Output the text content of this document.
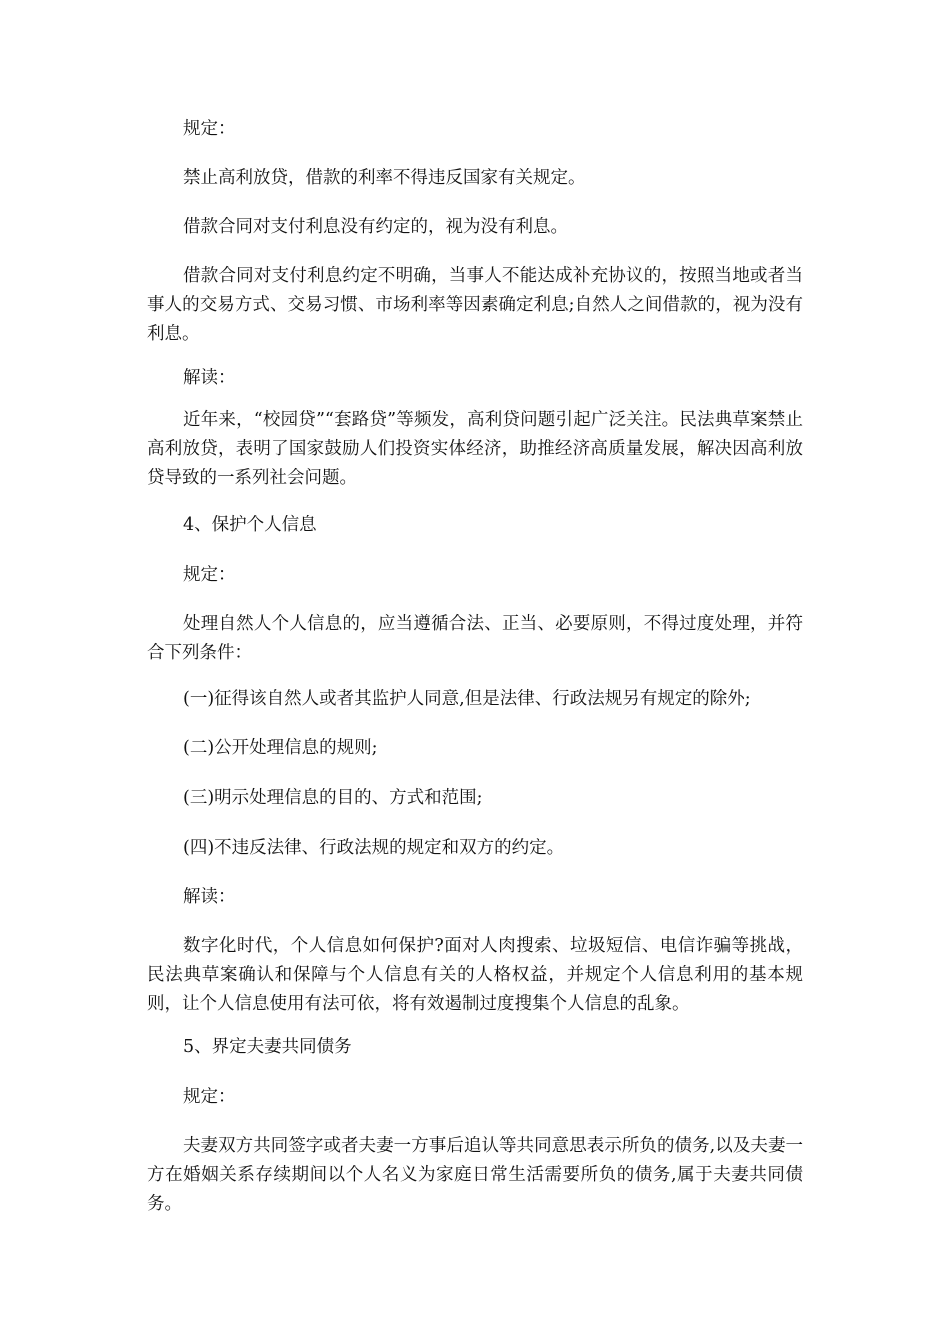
规定：

禁止高利放贷，借款的利率不得违反国家有关规定。

借款合同对支付利息没有约定的，视为没有利息。

借款合同对支付利息约定不明确，当事人不能达成补充协议的，按照当地或者当事人的交易方式、交易习惯、市场利率等因素确定利息;自然人之间借款的，视为没有利息。

解读：

近年来，“校园贷”“套路贷”等频发，高利贷问题引起广泛关注。民法典草案禁止高利放贷，表明了国家鼓励人们投资实体经济，助推经济高质量发展，解决因高利放贷导致的一系列社会问题。

4、保护个人信息

规定：

处理自然人个人信息的，应当遵循合法、正当、必要原则，不得过度处理，并符合下列条件：

(一)征得该自然人或者其监护人同意,但是法律、行政法规另有规定的除外;

(二)公开处理信息的规则;

(三)明示处理信息的目的、方式和范围;

(四)不违反法律、行政法规的规定和双方的约定。

解读：

数字化时代，个人信息如何保护?面对人肉搜索、垃圾短信、电信诈骗等挑战，民法典草案确认和保障与个人信息有关的人格权益，并规定个人信息利用的基本规则，让个人信息使用有法可依，将有效遏制过度搜集个人信息的乱象。

5、界定夫妻共同债务

规定：

夫妻双方共同签字或者夫妻一方事后追认等共同意思表示所负的债务,以及夫妻一方在婚姻关系存续期间以个人名义为家庭日常生活需要所负的债务,属于夫妻共同债务。
